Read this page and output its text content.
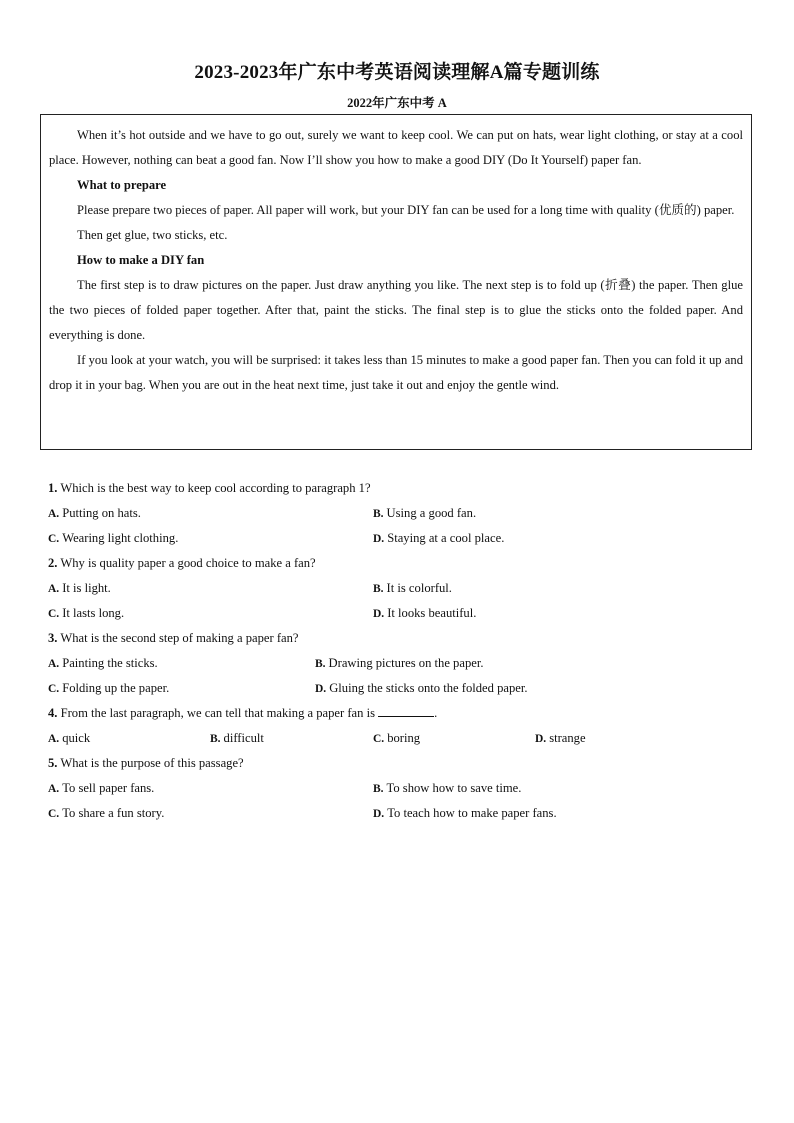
2023-2023年广东中考英语阅读理解A篇专题训练
2022年广东中考 A

When it’s hot outside and we have to go out, surely we want to keep cool. We can put on hats, wear light clothing, or stay at a cool place. However, nothing can beat a good fan. Now I’ll show you how to make a good DIY (Do It Yourself) paper fan.

What to prepare

Please prepare two pieces of paper. All paper will work, but your DIY fan can be used for a long time with quality (优质的) paper.

Then get glue, two sticks, etc.

How to make a DIY fan

The first step is to draw pictures on the paper. Just draw anything you like. The next step is to fold up (折叠) the paper. Then glue the two pieces of folded paper together. After that, paint the sticks. The final step is to glue the sticks onto the folded paper. And everything is done.

If you look at your watch, you will be surprised: it takes less than 15 minutes to make a good paper fan. Then you can fold it up and drop it in your bag. When you are out in the heat next time, just take it out and enjoy the gentle wind.

1. Which is the best way to keep cool according to paragraph 1?
A. Putting on hats.	B. Using a good fan.
C. Wearing light clothing.	D. Staying at a cool place.
2. Why is quality paper a good choice to make a fan?
A. It is light.	B. It is colorful.
C. It lasts long.	D. It looks beautiful.
3. What is the second step of making a paper fan?
A. Painting the sticks.	B. Drawing pictures on the paper.
C. Folding up the paper.	D. Gluing the sticks onto the folded paper.
4. From the last paragraph, we can tell that making a paper fan is	.
A. quick	B. difficult	C. boring	D. strange
5. What is the purpose of this passage?
A. To sell paper fans.	B. To show how to save time.
C. To share a fun story.	D. To teach how to make paper fans.
